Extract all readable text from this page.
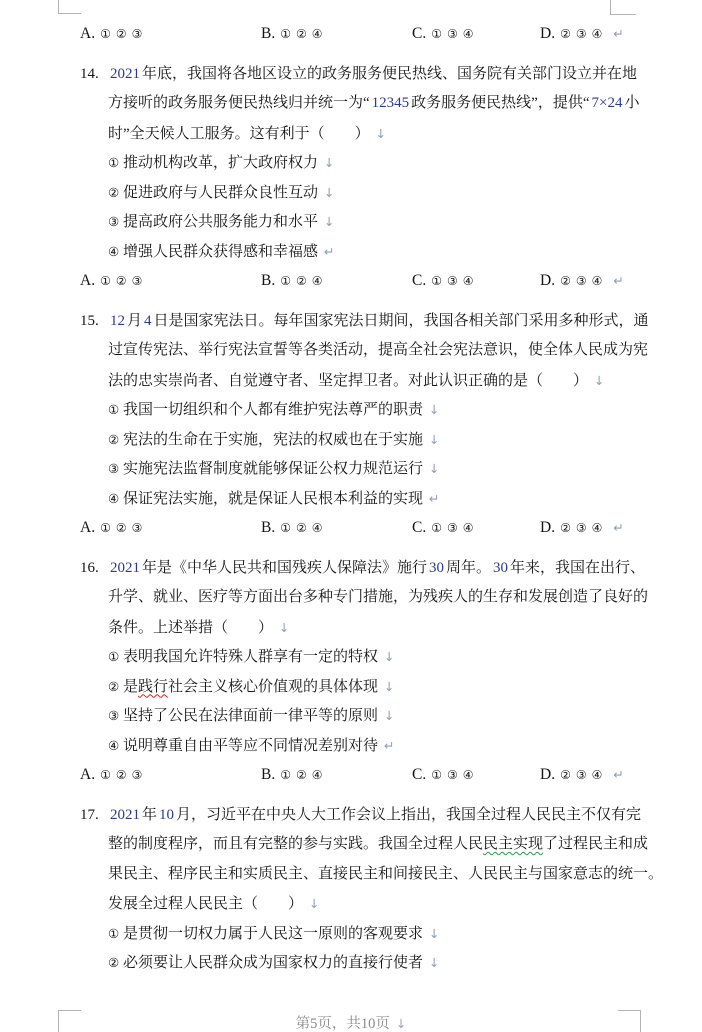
A. ①②③	B. ①②④	C. ①③④	D. ②③④ ↵
14. 2021 年底，我国将各地区设立的政务服务便民热线、国务院有关部门设立并在地
方接听的政务服务便民热线归并统一为“ 12345 政务服务便民热线”，提供“ 7×24 小
时”全天候人工服务。这有利于（　　） ↓
① 推动机构改革，扩大政府权力 ↓
② 促进政府与人民群众良性互动 ↓
③ 提高政府公共服务能力和水平 ↓
④ 增强人民群众获得感和幸福感 ↵
A. ①②③	B. ①②④	C. ①③④	D. ②③④ ↵
15. 12 月 4 日是国家宪法日。每年国家宪法日期间，我国各相关部门采用多种形式，通
过宣传宪法、举行宪法宣誓等各类活动，提高全社会宪法意识，使全体人民成为宪
法的忠实崇尚者、自觉遵守者、坚定捍卫者。对此认识正确的是（　　） ↓
① 我国一切组织和个人都有维护宪法尊严的职责 ↓
② 宪法的生命在于实施，宪法的权威也在于实施 ↓
③ 实施宪法监督制度就能够保证公权力规范运行 ↓
④ 保证宪法实施，就是保证人民根本利益的实现 ↵
A. ①②③	B. ①②④	C. ①③④	D. ②③④ ↵
16. 2021 年是《中华人民共和国残疾人保障法》施行 30 周年。 30 年来，我国在出行、
升学、就业、医疗等方面出台多种专门措施，为残疾人的生存和发展创造了良好的
条件。上述举措（　　） ↓
① 表明我国允许特殊人群享有一定的特权 ↓
② 是践行社会主义核心价值观的具体体现 ↓
③ 坚持了公民在法律面前一律平等的原则 ↓
④ 说明尊重自由平等应不同情况差别对待 ↵
A. ①②③	B. ①②④	C. ①③④	D. ②③④ ↵
17. 2021 年 10 月，习近平在中央人大工作会议上指出，我国全过程人民民主不仅有完
整的制度程序，而且有完整的参与实践。我国全过程人民民主实现了过程民主和成
果民主、程序民主和实质民主、直接民主和间接民主、人民民主与国家意志的统一。
发展全过程人民民主（　　） ↓
① 是贯彻一切权力属于人民这一原则的客观要求 ↓
② 必须要让人民群众成为国家权力的直接行使者 ↓
第5页，共10页 ↓
